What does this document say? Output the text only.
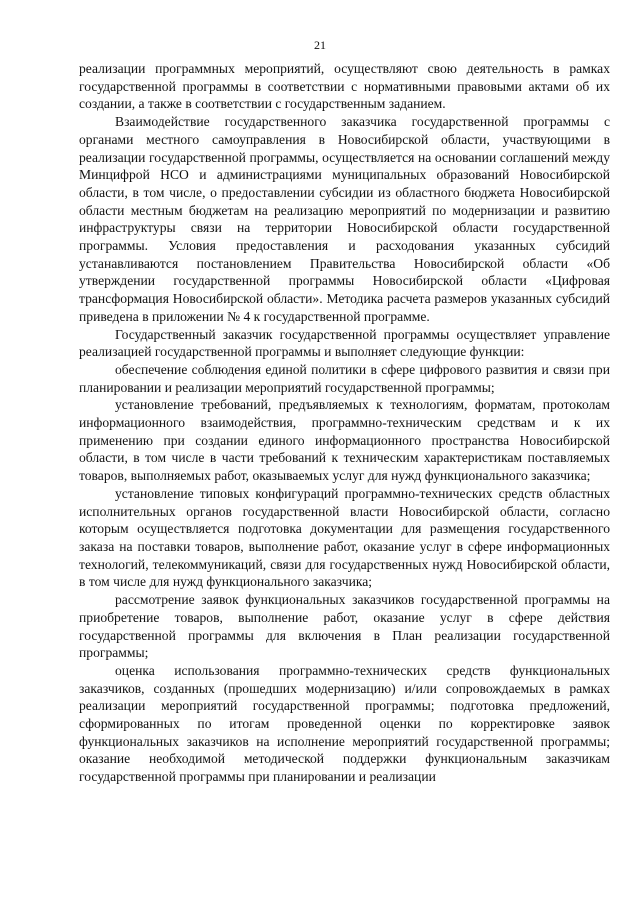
21

реализации программных мероприятий, осуществляют свою деятельность в рамках государственной программы в соответствии с нормативными правовыми актами об их создании, а также в соответствии с государственным заданием.

Взаимодействие государственного заказчика государственной программы с органами местного самоуправления в Новосибирской области, участвующими в реализации государственной программы, осуществляется на основании соглашений между Минцифрой НСО и администрациями муниципальных образований Новосибирской области, в том числе, о предоставлении субсидии из областного бюджета Новосибирской области местным бюджетам на реализацию мероприятий по модернизации и развитию инфраструктуры связи на территории Новосибирской области государственной программы. Условия предоставления и расходования указанных субсидий устанавливаются постановлением Правительства Новосибирской области «Об утверждении государственной программы Новосибирской области «Цифровая трансформация Новосибирской области». Методика расчета размеров указанных субсидий приведена в приложении № 4 к государственной программе.

Государственный заказчик государственной программы осуществляет управление реализацией государственной программы и выполняет следующие функции:

обеспечение соблюдения единой политики в сфере цифрового развития и связи при планировании и реализации мероприятий государственной программы;

установление требований, предъявляемых к технологиям, форматам, протоколам информационного взаимодействия, программно-техническим средствам и к их применению при создании единого информационного пространства Новосибирской области, в том числе в части требований к техническим характеристикам поставляемых товаров, выполняемых работ, оказываемых услуг для нужд функционального заказчика;

установление типовых конфигураций программно-технических средств областных исполнительных органов государственной власти Новосибирской области, согласно которым осуществляется подготовка документации для размещения государственного заказа на поставки товаров, выполнение работ, оказание услуг в сфере информационных технологий, телекоммуникаций, связи для государственных нужд Новосибирской области, в том числе для нужд функционального заказчика;

рассмотрение заявок функциональных заказчиков государственной программы на приобретение товаров, выполнение работ, оказание услуг в сфере действия государственной программы для включения в План реализации государственной программы;

оценка использования программно-технических средств функциональных заказчиков, созданных (прошедших модернизацию) и/или сопровождаемых в рамках реализации мероприятий государственной программы; подготовка предложений, сформированных по итогам проведенной оценки по корректировке заявок функциональных заказчиков на исполнение мероприятий государственной программы; оказание необходимой методической поддержки функциональным заказчикам государственной программы при планировании и реализации
